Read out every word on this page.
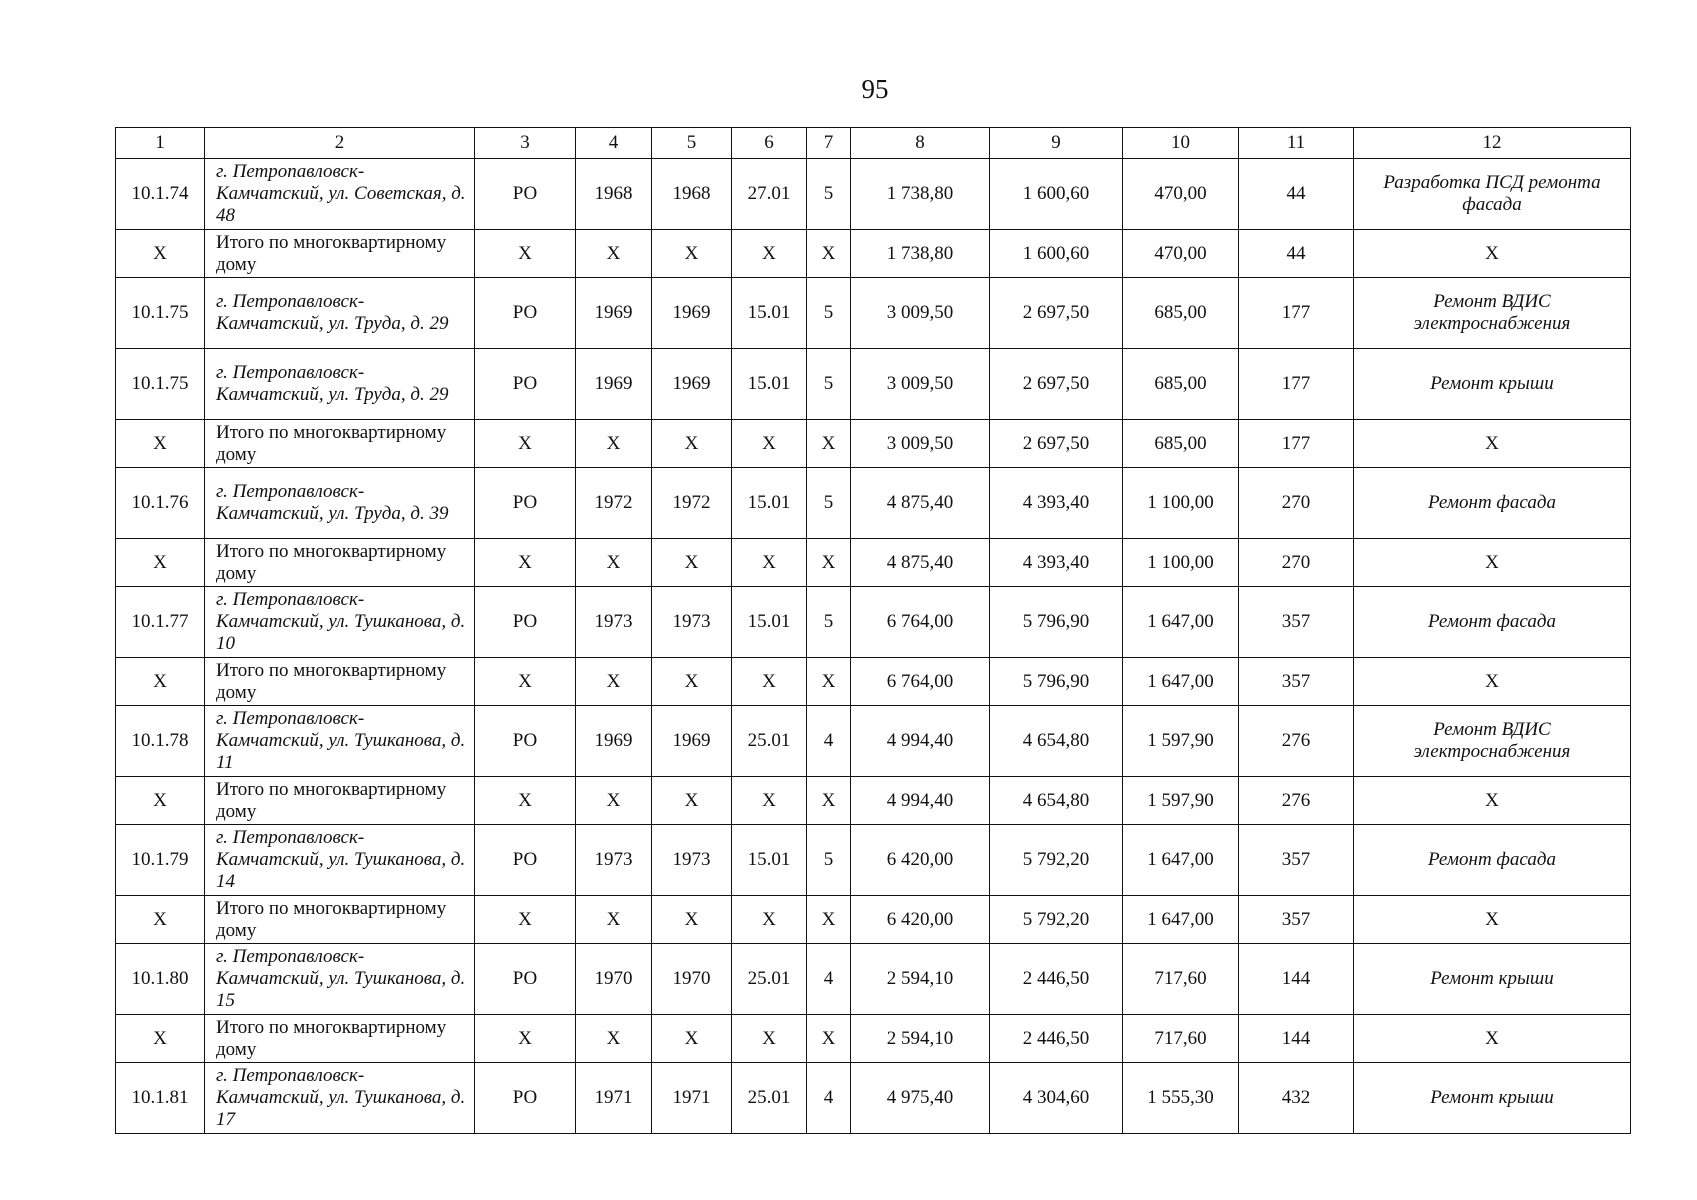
95
1	2	3	4	5	6	7	8	9	10	11	12
10.1.74	г. Петропавловск-Камчатский, ул. Советская, д. 48	РО	1968	1968	27.01	5	1 738,80	1 600,60	470,00	44	Разработка ПСД ремонта фасада
Х	Итого по многоквартирному дому	Х	Х	Х	Х	Х	1 738,80	1 600,60	470,00	44	Х
10.1.75	г. Петропавловск-Камчатский, ул. Труда, д. 29	РО	1969	1969	15.01	5	3 009,50	2 697,50	685,00	177	Ремонт ВДИС электроснабжения
10.1.75	г. Петропавловск-Камчатский, ул. Труда, д. 29	РО	1969	1969	15.01	5	3 009,50	2 697,50	685,00	177	Ремонт крыши
Х	Итого по многоквартирному дому	Х	Х	Х	Х	Х	3 009,50	2 697,50	685,00	177	Х
10.1.76	г. Петропавловск-Камчатский, ул. Труда, д. 39	РО	1972	1972	15.01	5	4 875,40	4 393,40	1 100,00	270	Ремонт фасада
Х	Итого по многоквартирному дому	Х	Х	Х	Х	Х	4 875,40	4 393,40	1 100,00	270	Х
10.1.77	г. Петропавловск-Камчатский, ул. Тушканова, д. 10	РО	1973	1973	15.01	5	6 764,00	5 796,90	1 647,00	357	Ремонт фасада
Х	Итого по многоквартирному дому	Х	Х	Х	Х	Х	6 764,00	5 796,90	1 647,00	357	Х
10.1.78	г. Петропавловск-Камчатский, ул. Тушканова, д. 11	РО	1969	1969	25.01	4	4 994,40	4 654,80	1 597,90	276	Ремонт ВДИС электроснабжения
Х	Итого по многоквартирному дому	Х	Х	Х	Х	Х	4 994,40	4 654,80	1 597,90	276	Х
10.1.79	г. Петропавловск-Камчатский, ул. Тушканова, д. 14	РО	1973	1973	15.01	5	6 420,00	5 792,20	1 647,00	357	Ремонт фасада
Х	Итого по многоквартирному дому	Х	Х	Х	Х	Х	6 420,00	5 792,20	1 647,00	357	Х
10.1.80	г. Петропавловск-Камчатский, ул. Тушканова, д. 15	РО	1970	1970	25.01	4	2 594,10	2 446,50	717,60	144	Ремонт крыши
Х	Итого по многоквартирному дому	Х	Х	Х	Х	Х	2 594,10	2 446,50	717,60	144	Х
10.1.81	г. Петропавловск-Камчатский, ул. Тушканова, д. 17	РО	1971	1971	25.01	4	4 975,40	4 304,60	1 555,30	432	Ремонт крыши
